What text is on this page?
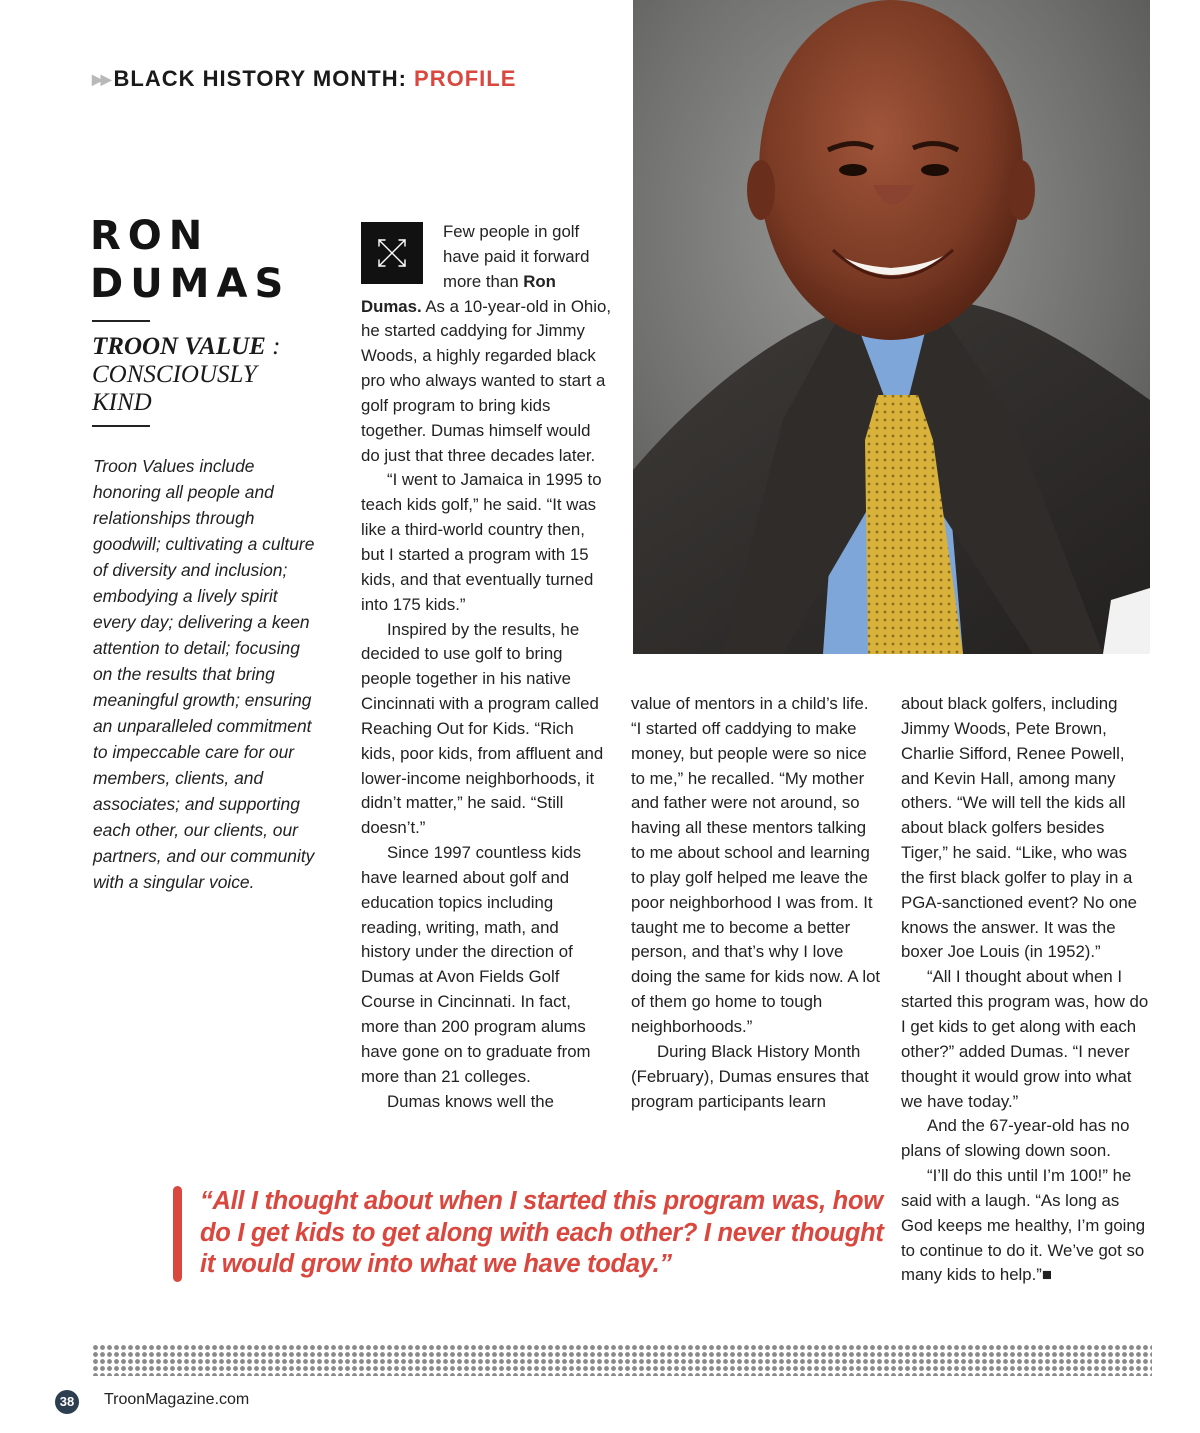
▶▶ BLACK HISTORY MONTH: PROFILE
RON
DUMAS
TROON VALUE :
CONSCIOUSLY
KIND
Troon Values include honoring all people and relationships through goodwill; cultivating a culture of diversity and inclusion; embodying a lively spirit every day; delivering a keen attention to detail; focusing on the results that bring meaningful growth; ensuring an unparalleled commitment to impeccable care for our members, clients, and associates; and supporting each other, our clients, our partners, and our community with a singular voice.

Few people in golf have paid it forward more than Ron Dumas. As a 10-year-old in Ohio, he started caddying for Jimmy Woods, a highly regarded black pro who always wanted to start a golf program to bring kids together. Dumas himself would do just that three decades later.

“I went to Jamaica in 1995 to teach kids golf,” he said. “It was like a third-world country then, but I started a program with 15 kids, and that eventually turned into 175 kids.”

Inspired by the results, he decided to use golf to bring people together in his native Cincinnati with a program called Reaching Out for Kids. “Rich kids, poor kids, from affluent and lower-income neighborhoods, it didn’t matter,” he said. “Still doesn’t.”

Since 1997 countless kids have learned about golf and education topics including reading, writing, math, and history under the direction of Dumas at Avon Fields Golf Course in Cincinnati. In fact, more than 200 program alums have gone on to graduate from more than 21 colleges.

Dumas knows well the

value of mentors in a child’s life. “I started off caddying to make money, but people were so nice to me,” he recalled. “My mother and father were not around, so having all these mentors talking to me about school and learning to play golf helped me leave the poor neighborhood I was from. It taught me to become a better person, and that’s why I love doing the same for kids now. A lot of them go home to tough neighborhoods.”

During Black History Month (February), Dumas ensures that program participants learn

about black golfers, including Jimmy Woods, Pete Brown, Charlie Sifford, Renee Powell, and Kevin Hall, among many others. “We will tell the kids all about black golfers besides Tiger,” he said. “Like, who was the first black golfer to play in a PGA-sanctioned event? No one knows the answer. It was the boxer Joe Louis (in 1952).”

“All I thought about when I started this program was, how do I get kids to get along with each other?” added Dumas. “I never thought it would grow into what we have today.”

And the 67-year-old has no plans of slowing down soon.

“I’ll do this until I’m 100!” he said with a laugh. “As long as God keeps me healthy, I’m going to continue to do it. We’ve got so many kids to help.”■

“All I thought about when I started this program was, how do I get kids to get along with each other? I never thought it would grow into what we have today.”
38 TroonMagazine.com
